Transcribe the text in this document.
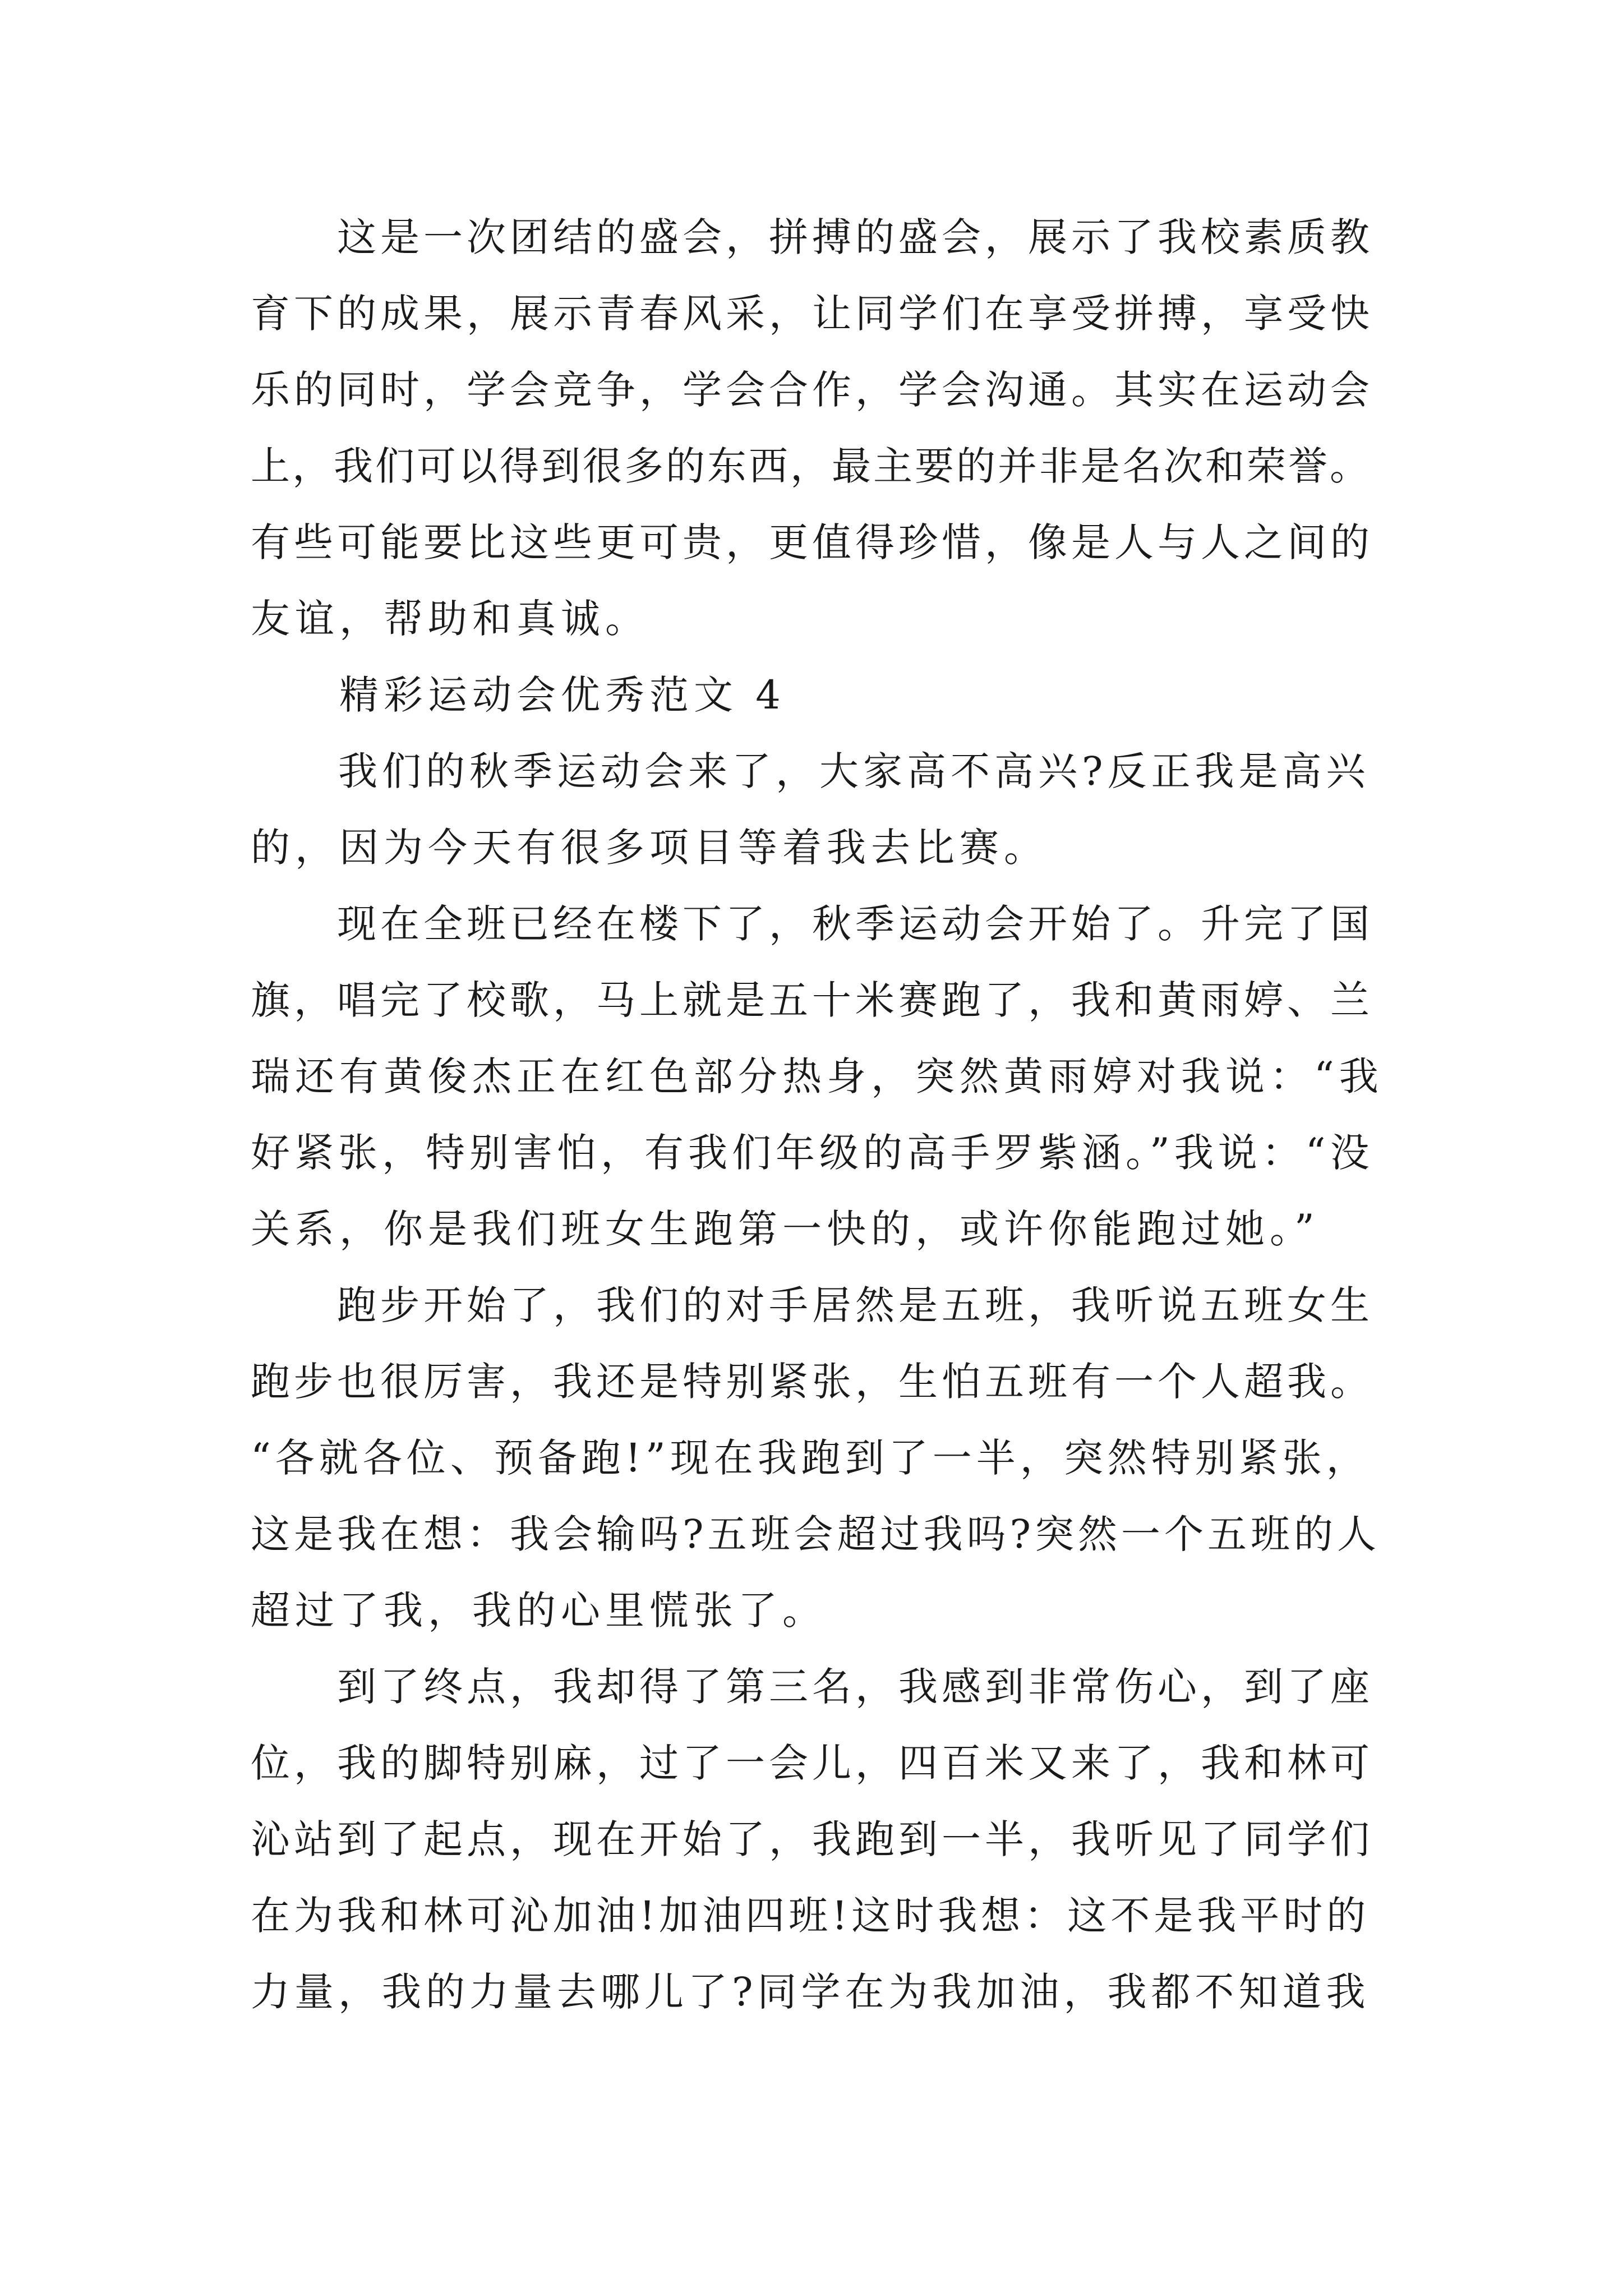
　　这是一次团结的盛会，拼搏的盛会，展示了我校素质教
育下的成果，展示青春风采，让同学们在享受拼搏，享受快
乐的同时，学会竞争，学会合作，学会沟通。其实在运动会
上，我们可以得到很多的东西，最主要的并非是名次和荣誉。
有些可能要比这些更可贵，更值得珍惜，像是人与人之间的
友谊，帮助和真诚。
　　精彩运动会优秀范文 4
　　我们的秋季运动会来了，大家高不高兴?反正我是高兴
的，因为今天有很多项目等着我去比赛。
　　现在全班已经在楼下了，秋季运动会开始了。升完了国
旗，唱完了校歌，马上就是五十米赛跑了，我和黄雨婷、兰
瑞还有黄俊杰正在红色部分热身，突然黄雨婷对我说：“我
好紧张，特别害怕，有我们年级的高手罗紫涵。”我说：“没
关系，你是我们班女生跑第一快的，或许你能跑过她。”
　　跑步开始了，我们的对手居然是五班，我听说五班女生
跑步也很厉害，我还是特别紧张，生怕五班有一个人超我。
“各就各位、预备跑!”现在我跑到了一半，突然特别紧张，
这是我在想：我会输吗?五班会超过我吗?突然一个五班的人
超过了我，我的心里慌张了。
　　到了终点，我却得了第三名，我感到非常伤心，到了座
位，我的脚特别麻，过了一会儿，四百米又来了，我和林可
沁站到了起点，现在开始了，我跑到一半，我听见了同学们
在为我和林可沁加油!加油四班!这时我想：这不是我平时的
力量，我的力量去哪儿了?同学在为我加油，我都不知道我
